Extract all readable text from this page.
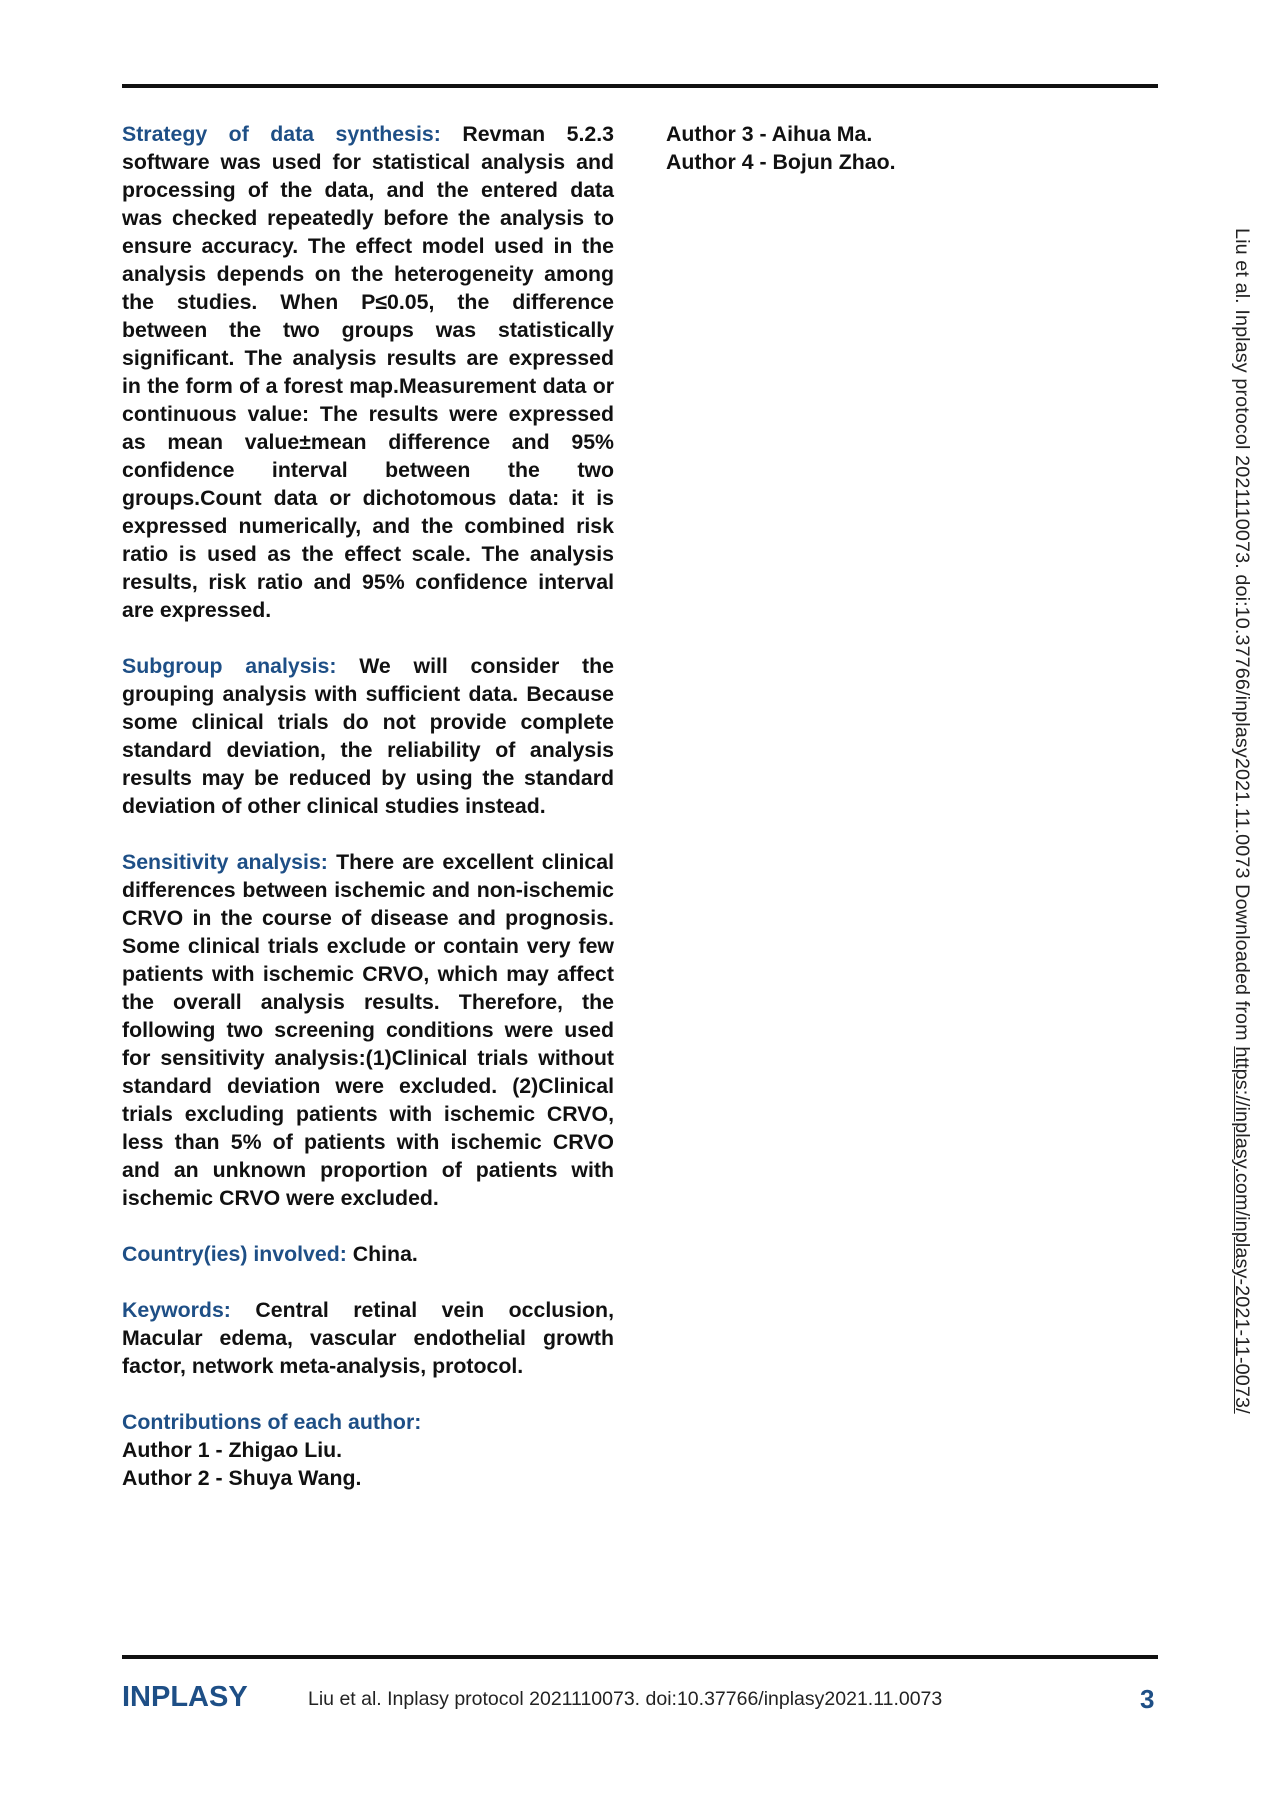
Strategy of data synthesis: Revman 5.2.3 software was used for statistical analysis and processing of the data, and the entered data was checked repeatedly before the analysis to ensure accuracy. The effect model used in the analysis depends on the heterogeneity among the studies. When P≤0.05, the difference between the two groups was statistically significant. The analysis results are expressed in the form of a forest map.Measurement data or continuous value: The results were expressed as mean value±mean difference and 95% confidence interval between the two groups.Count data or dichotomous data: it is expressed numerically, and the combined risk ratio is used as the effect scale. The analysis results, risk ratio and 95% confidence interval are expressed.

Subgroup analysis: We will consider the grouping analysis with sufficient data. Because some clinical trials do not provide complete standard deviation, the reliability of analysis results may be reduced by using the standard deviation of other clinical studies instead.

Sensitivity analysis: There are excellent clinical differences between ischemic and non-ischemic CRVO in the course of disease and prognosis. Some clinical trials exclude or contain very few patients with ischemic CRVO, which may affect the overall analysis results. Therefore, the following two screening conditions were used for sensitivity analysis:(1)Clinical trials without standard deviation were excluded. (2)Clinical trials excluding patients with ischemic CRVO, less than 5% of patients with ischemic CRVO and an unknown proportion of patients with ischemic CRVO were excluded.

Country(ies) involved: China.

Keywords: Central retinal vein occlusion, Macular edema, vascular endothelial growth factor, network meta-analysis, protocol.

Contributions of each author:
Author 1 - Zhigao Liu.
Author 2 - Shuya Wang.

Author 3 - Aihua Ma.
Author 4 - Bojun Zhao.

Liu et al. Inplasy protocol 2021110073. doi:10.37766/inplasy2021.11.0073 Downloaded from https://inplasy.com/inplasy-2021-11-0073/
INPLASY	Liu et al. Inplasy protocol 2021110073. doi:10.37766/inplasy2021.11.0073	3
